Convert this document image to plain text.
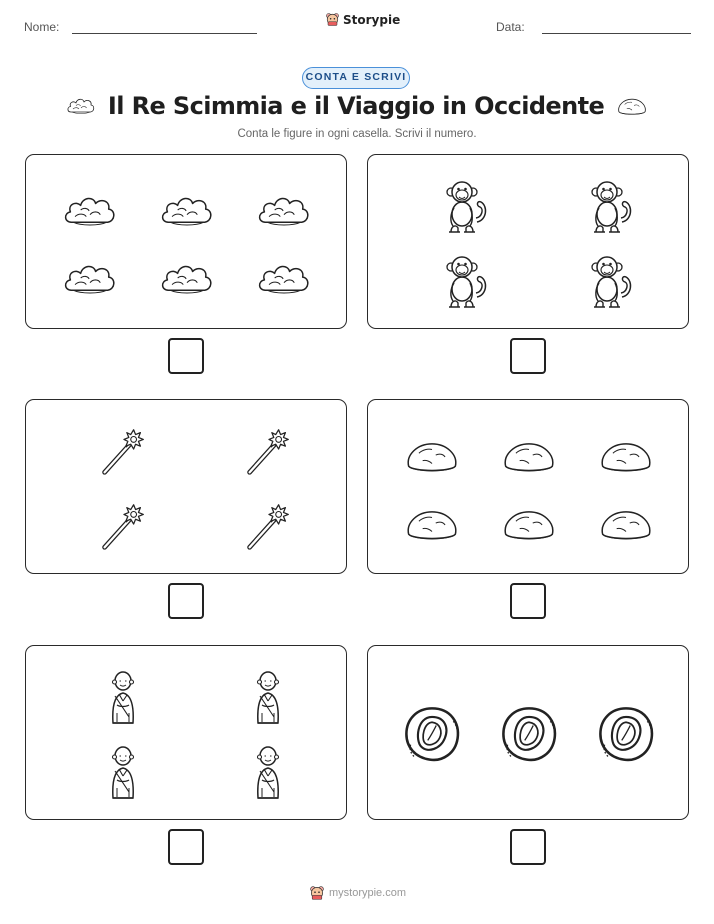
Nome:
Storypie
Data:
CONTA E SCRIVI
Il Re Scimmia e il Viaggio in Occidente
Conta le figure in ogni casella. Scrivi il numero.
mystorypie.com
